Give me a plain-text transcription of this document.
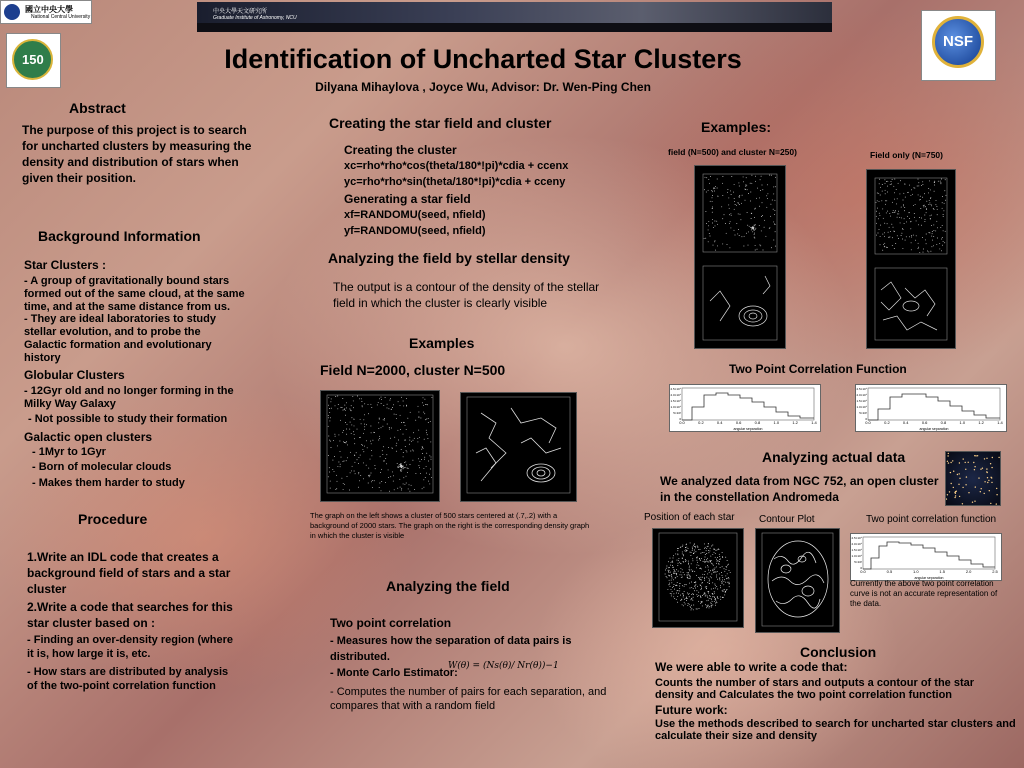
國立中央大學
National Central University
中央大學天文研究所
Graduate Institute of Astronomy, NCU
150
NSF
Identification of Uncharted Star Clusters
Dilyana Mihaylova , Joyce Wu, Advisor: Dr. Wen-Ping Chen
Abstract
The purpose of this project is to search for uncharted clusters by measuring the density and distribution of stars when given their position.
Background Information
Star Clusters :
- A group of gravitationally bound stars formed out of the same cloud, at the same time, and at the same distance from us.
- They are ideal laboratories to study stellar evolution, and to probe the Galactic formation and evolutionary history
Globular Clusters
- 12Gyr old and no longer forming in the Milky Way Galaxy
- Not possible to study their formation
Galactic open clusters
- 1Myr to 1Gyr
- Born of molecular clouds
- Makes them harder to study
Procedure
1.Write an IDL code that creates a background field of stars and a star cluster
2.Write a code that searches for this star cluster based on :
- Finding an over-density region (where it is, how large it is, etc.
- How stars are distributed by analysis of the two-point correlation function
Creating the star field and cluster
Creating the cluster
xc=rho*rho*cos(theta/180*!pi)*cdia + ccenx
yc=rho*rho*sin(theta/180*!pi)*cdia + cceny
Generating a star field
xf=RANDOMU(seed, nfield)
yf=RANDOMU(seed, nfield)
Analyzing the field by stellar density
The output is a contour of the density of the stellar field in which the cluster is clearly visible
Examples
Field N=2000, cluster N=500
The graph on the left shows a cluster of 500 stars centered at (.7,.2) with a background of 2000 stars. The graph on the right is the corresponding density graph in which the cluster is visible
Analyzing the field
Two point correlation
- Measures how the separation of data pairs is distributed.
- Monte Carlo Estimator:
W(θ) = (Ns(θ)/ Nr(θ))−1
- Computes the number of pairs for each separation, and compares that with a random field
Examples:
field (N=500) and cluster N=250)	Field only (N=750)
Two Point Correlation Function
0.0	0.2	0.4	0.6	0.8	1.0	1.2	1.4
angular separation
2.5×10⁴
2.0×10⁴
1.5×10⁴
1.0×10⁴
5×10³
0
0.0	0.2	0.4	0.6	0.8	1.0	1.2	1.4
angular separation
2.5×10⁴
2.0×10⁴
1.5×10⁴
1.0×10⁴
5×10³
0
Analyzing actual data
We analyzed data from NGC 752, an open cluster in the constellation Andromeda
Position of each star Contour Plot	Two point correlation function
0.0	0.5	1.0	1.5	2.0	2.5
angular separation
2.5×10⁴
2.0×10⁴
1.5×10⁴
1.0×10⁴
5×10³
0
Currently the above two point correlation curve is not an accurate representation of the data.
Conclusion
We were able to write a code that:
Counts the number of stars and outputs a contour of the star density and Calculates the two point correlation function
Future work:
Use the methods described to search for uncharted star clusters and calculate their size and density
